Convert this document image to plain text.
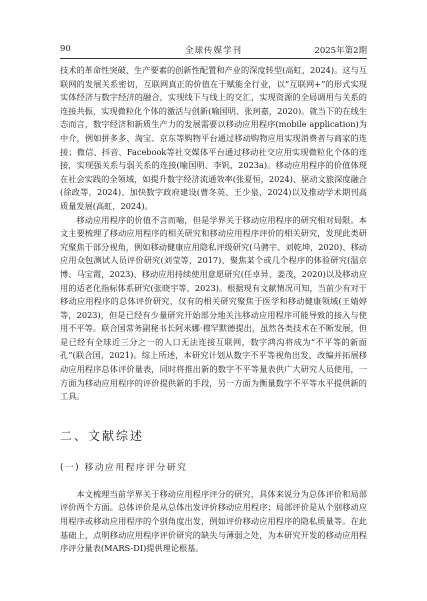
90	全球传媒学刊	2025年第2期

技术的革命性突破、生产要素的创新性配置和产业的深度转型(高虹，2024)。这与互联网的发展关系密切，互联网真正的价值在于赋能全行业，以“互联网+”的形式实现实体经济与数字经济的融合，实现线下与线上的交汇，实现资源的全局调用与关系的连接共振，实现微粒化个体的激活与创新(喻国明、张珂嘉，2020)。就当下的在线生态而言，数字经济和新质生产力的发展需要以移动应用程序(mobile application)为中介，例如拼多多、淘宝、京东等购物平台通过移动购物应用实现消费者与商家的连接；微信、抖音、Facebook等社交媒体平台通过移动社交应用实现微粒化个体的连接，实现强关系与弱关系的连接(喻国明、李钒，2023a)。移动应用程序的价值体现在社会实践的全领域，如提升数字经济流通效率(张夏恒，2024)、驱动文旅深度融合(徐政等，2024)、加快数字政府建设(曹冬英、王少泉，2024)以及推动学术期刊高质量发展(高虹，2024)。

移动应用程序的价值不言而喻，但是学界关于移动应用程序的研究相对局限。本文主要梳理了移动应用程序的相关研究和移动应用程序评价的相关研究，发现此类研究聚焦于部分视角，例如移动健康应用隐私评级研究(马骋宇、刘乾坤，2020)、移动应用众包测试人员评价研究(刘莹等，2017)、聚焦某个或几个程序的体验研究(温京博、马宝霞，2023)、移动应用持续使用意愿研究(任卓异、姜茂，2020)以及移动应用的适老化指标体系研究(张晓宇等，2023)。根据现有文献情况可知，当前少有对于移动应用程序的总体评价研究，仅有的相关研究聚焦于医学和移动健康领域(王婧婷等，2023)，但是已经有少量研究开始部分地关注移动应用程序可能导致的接入与使用不平等。联合国常务副秘书长阿米娜·穆罕默德提出，虽然各类技术在不断发展，但是已经有全球近三分之一的人口无法连接互联网，数字鸿沟将成为“不平等的新面孔”(联合国，2021)。综上所述，本研究计划从数字不平等视角出发，改编并拓展移动应用程序总体评价量表，同时将推出新的数字不平等量表供广大研究人员使用，一方面为移动应用程序的评价提供新的手段，另一方面为衡量数字不平等水平提供新的工具。

二、文献综述
(一) 移动应用程序评分研究

本文梳理当前学界关于移动应用程序评分的研究，具体来说分为总体评价和局部评价两个方面。总体评价是从总体出发评价移动应用程序；局部评价是从个别移动应用程序或移动应用程序的个别角度出发，例如评价移动应用程序的隐私质量等。在此基础上，点明移动应用程序评价研究的缺失与薄弱之处，为本研究开发的移动应用程序评分量表(MARS-DI)提供理论根基。
